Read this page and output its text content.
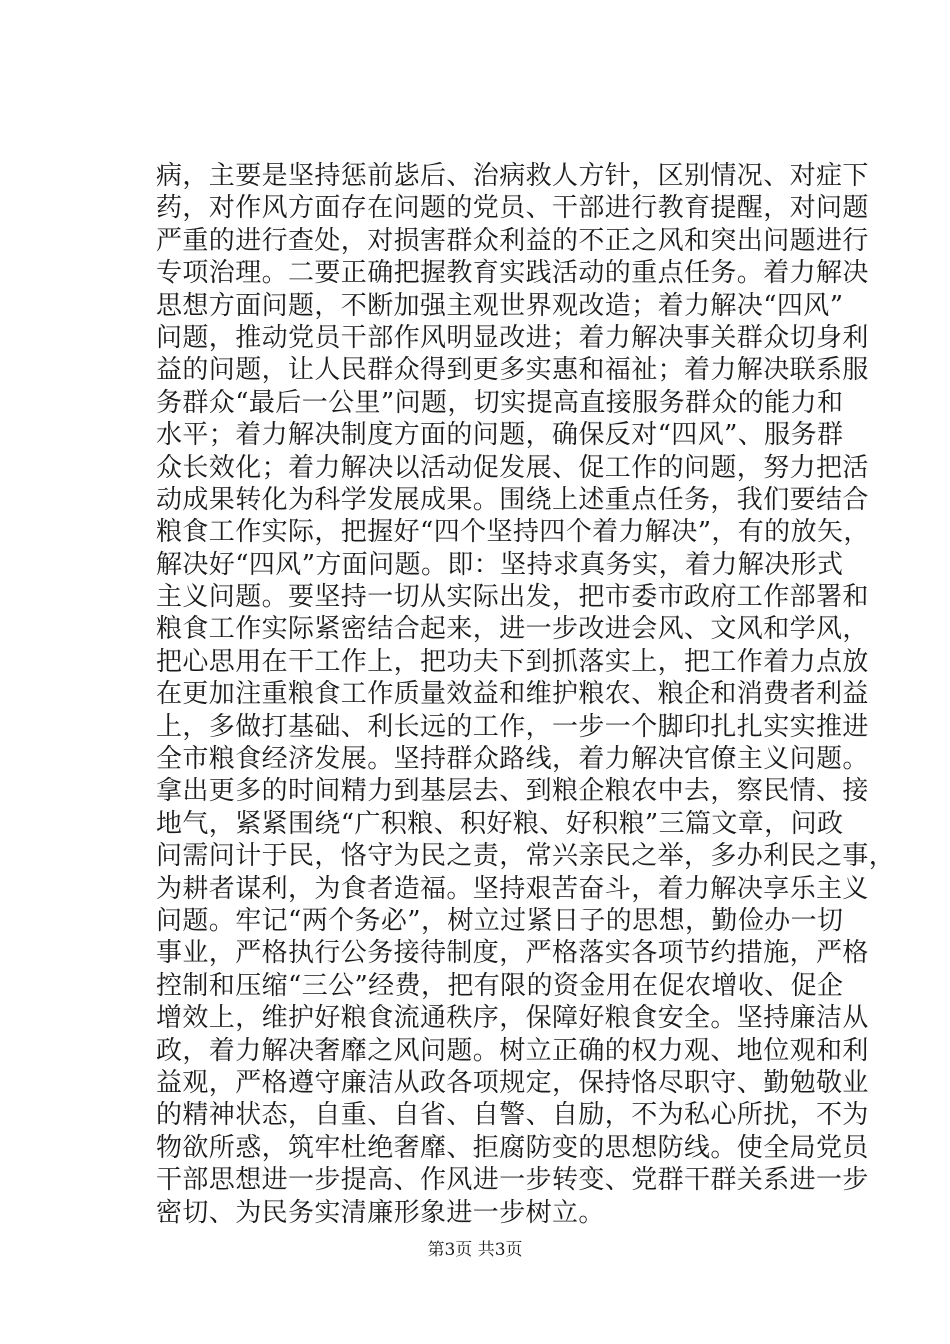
病，主要是坚持惩前毖后、治病救人方针，区别情况、对症下
药，对作风方面存在问题的党员、干部进行教育提醒，对问题
严重的进行查处，对损害群众利益的不正之风和突出问题进行
专项治理。二要正确把握教育实践活动的重点任务。着力解决
思想方面问题，不断加强主观世界观改造；着力解决“四风”
问题，推动党员干部作风明显改进；着力解决事关群众切身利
益的问题，让人民群众得到更多实惠和福祉；着力解决联系服
务群众“最后一公里”问题，切实提高直接服务群众的能力和
水平；着力解决制度方面的问题，确保反对“四风”、服务群
众长效化；着力解决以活动促发展、促工作的问题，努力把活
动成果转化为科学发展成果。围绕上述重点任务，我们要结合
粮食工作实际，把握好“四个坚持四个着力解决”，有的放矢，
解决好“四风”方面问题。即：坚持求真务实，着力解决形式
主义问题。要坚持一切从实际出发，把市委市政府工作部署和
粮食工作实际紧密结合起来，进一步改进会风、文风和学风，
把心思用在干工作上，把功夫下到抓落实上，把工作着力点放
在更加注重粮食工作质量效益和维护粮农、粮企和消费者利益
上，多做打基础、利长远的工作，一步一个脚印扎扎实实推进
全市粮食经济发展。坚持群众路线，着力解决官僚主义问题。
拿出更多的时间精力到基层去、到粮企粮农中去，察民情、接
地气，紧紧围绕“广积粮、积好粮、好积粮”三篇文章，问政
问需问计于民，恪守为民之责，常兴亲民之举，多办利民之事，
为耕者谋利，为食者造福。坚持艰苦奋斗，着力解决享乐主义
问题。牢记“两个务必”，树立过紧日子的思想，勤俭办一切
事业，严格执行公务接待制度，严格落实各项节约措施，严格
控制和压缩“三公”经费，把有限的资金用在促农增收、促企
增效上，维护好粮食流通秩序，保障好粮食安全。坚持廉洁从
政，着力解决奢靡之风问题。树立正确的权力观、地位观和利
益观，严格遵守廉洁从政各项规定，保持恪尽职守、勤勉敬业
的精神状态，自重、自省、自警、自励，不为私心所扰，不为
物欲所惑，筑牢杜绝奢靡、拒腐防变的思想防线。使全局党员
干部思想进一步提高、作风进一步转变、党群干群关系进一步
密切、为民务实清廉形象进一步树立。
第3页 共3页
